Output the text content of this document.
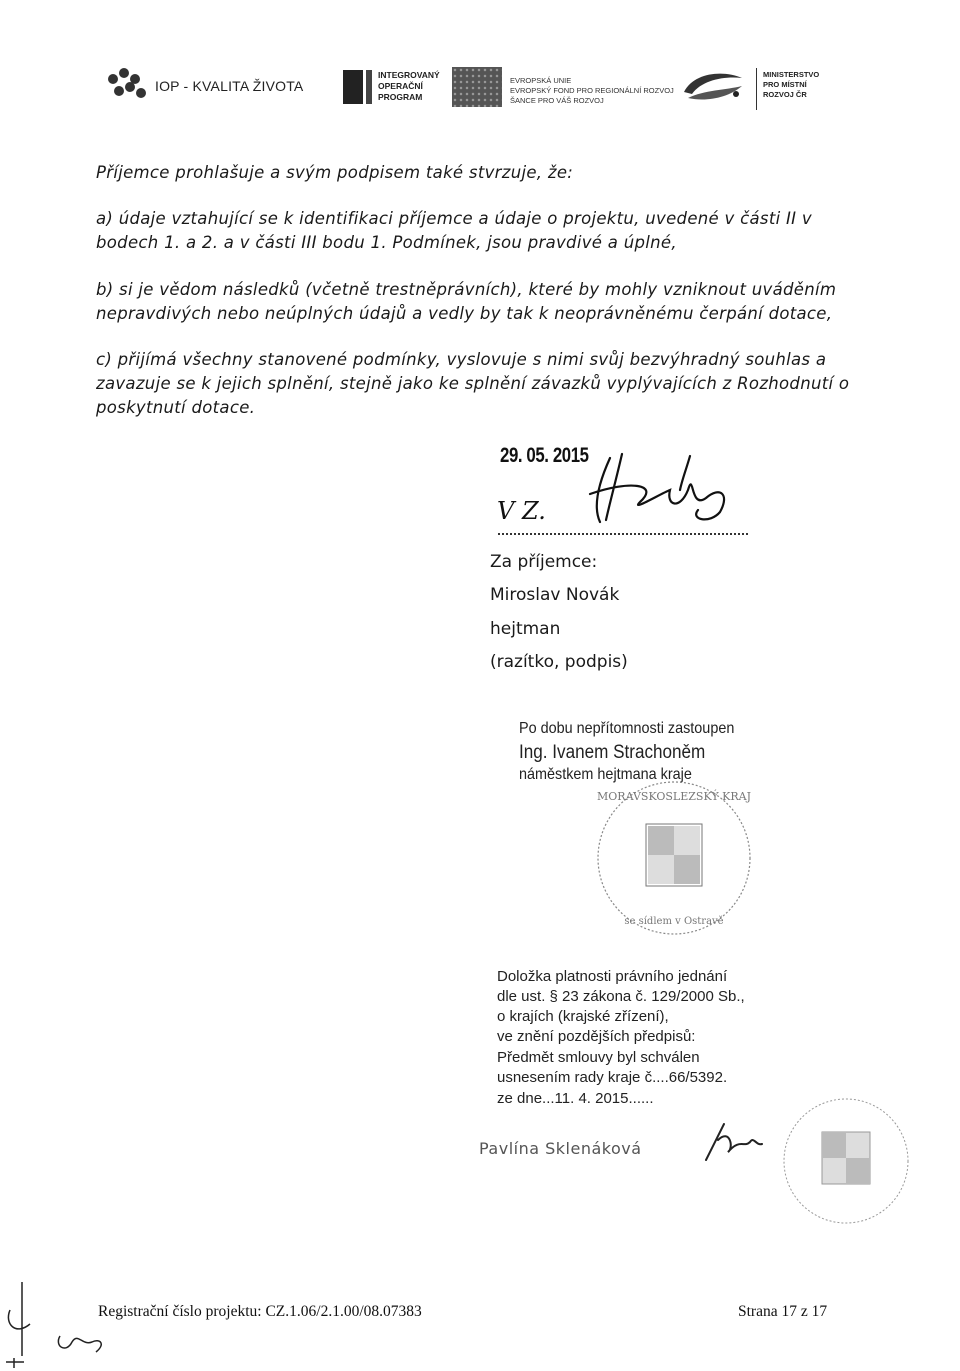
IOP - KVALITA ŽIVOTA
INTEGROVANÝ
OPERAČNÍ
PROGRAM
EVROPSKÁ UNIE
EVROPSKÝ FOND PRO REGIONÁLNÍ ROZVOJ
ŠANCE PRO VÁŠ ROZVOJ
MINISTERSTVO
PRO MÍSTNÍ
ROZVOJ ČR
Příjemce prohlašuje a svým podpisem také stvrzuje, že:
a) údaje vztahující se k identifikaci příjemce a údaje o projektu, uvedené v části II v bodech 1. a 2. a v části III bodu 1. Podmínek, jsou pravdivé a úplné,
b) si je vědom následků (včetně trestněprávních), které by mohly vzniknout uváděním nepravdivých nebo neúplných údajů a vedly by tak k neoprávněnému čerpání dotace,
c) přijímá všechny stanovené podmínky, vyslovuje s nimi svůj bezvýhradný souhlas a zavazuje se k jejich splnění, stejně jako ke splnění závazků vyplývajících z Rozhodnutí o poskytnutí dotace.
29. 05. 2015
V Z.
Za příjemce:
Miroslav Novák
hejtman
(razítko, podpis)
Po dobu nepřítomnosti zastoupen
Ing. Ivanem Strachoněm
náměstkem hejtmana kraje
MORAVSKOSLEZSKÝ KRAJ
se sídlem v Ostravě
Doložka platnosti právního jednání
dle ust. § 23 zákona č. 129/2000 Sb.,
o krajích (krajské zřízení),
ve znění pozdějších předpisů:
Předmět smlouvy byl schválen
usnesením rady kraje č....66/5392.
ze dne...11. 4. 2015......
Pavlína Sklenáková
Registrační číslo projektu: CZ.1.06/2.1.00/08.07383	Strana 17 z 17
